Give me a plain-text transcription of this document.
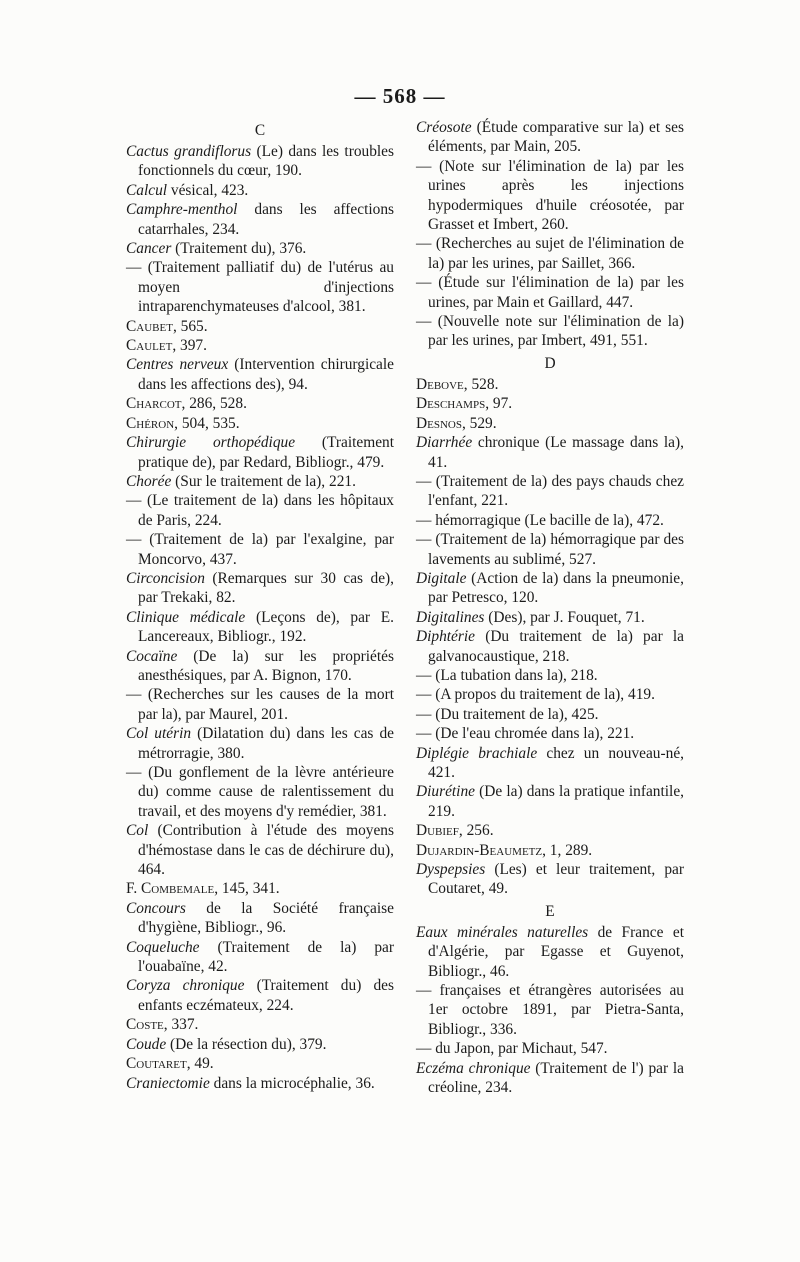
— 568 —
C

Cactus grandiflorus (Le) dans les troubles fonctionnels du cœur, 190.

Calcul vésical, 423.

Camphre-menthol dans les affections catarrhales, 234.

Cancer (Traitement du), 376.

— (Traitement palliatif du) de l'utérus au moyen d'injections intraparenchymateuses d'alcool, 381.

Caubet, 565.

Caulet, 397.

Centres nerveux (Intervention chirurgicale dans les affections des), 94.

Charcot, 286, 528.

Chéron, 504, 535.

Chirurgie orthopédique (Traitement pratique de), par Redard, Bibliogr., 479.

Chorée (Sur le traitement de la), 221.

— (Le traitement de la) dans les hôpitaux de Paris, 224.

— (Traitement de la) par l'exalgine, par Moncorvo, 437.

Circoncision (Remarques sur 30 cas de), par Trekaki, 82.

Clinique médicale (Leçons de), par E. Lancereaux, Bibliogr., 192.

Cocaïne (De la) sur les propriétés anesthésiques, par A. Bignon, 170.

— (Recherches sur les causes de la mort par la), par Maurel, 201.

Col utérin (Dilatation du) dans les cas de métrorragie, 380.

— (Du gonflement de la lèvre antérieure du) comme cause de ralentissement du travail, et des moyens d'y remédier, 381.

Col (Contribution à l'étude des moyens d'hémostase dans le cas de déchirure du), 464.

F. Combemale, 145, 341.

Concours de la Société française d'hygiène, Bibliogr., 96.

Coqueluche (Traitement de la) par l'ouabaïne, 42.

Coryza chronique (Traitement du) des enfants eczémateux, 224.

Coste, 337.

Coude (De la résection du), 379.

Coutaret, 49.

Craniectomie dans la microcéphalie, 36.

Créosote (Étude comparative sur la) et ses éléments, par Main, 205.

— (Note sur l'élimination de la) par les urines après les injections hypodermiques d'huile créosotée, par Grasset et Imbert, 260.

— (Recherches au sujet de l'élimination de la) par les urines, par Saillet, 366.

— (Étude sur l'élimination de la) par les urines, par Main et Gaillard, 447.

— (Nouvelle note sur l'élimination de la) par les urines, par Imbert, 491, 551.

D

Debove, 528.

Deschamps, 97.

Desnos, 529.

Diarrhée chronique (Le massage dans la), 41.

— (Traitement de la) des pays chauds chez l'enfant, 221.

— hémorragique (Le bacille de la), 472.

— (Traitement de la) hémorragique par des lavements au sublimé, 527.

Digitale (Action de la) dans la pneumonie, par Petresco, 120.

Digitalines (Des), par J. Fouquet, 71.

Diphtérie (Du traitement de la) par la galvanocaustique, 218.

— (La tubation dans la), 218.

— (A propos du traitement de la), 419.

— (Du traitement de la), 425.

— (De l'eau chromée dans la), 221.

Diplégie brachiale chez un nouveau-né, 421.

Diurétine (De la) dans la pratique infantile, 219.

Dubief, 256.

Dujardin-Beaumetz, 1, 289.

Dyspepsies (Les) et leur traitement, par Coutaret, 49.

E

Eaux minérales naturelles de France et d'Algérie, par Egasse et Guyenot, Bibliogr., 46.

— françaises et étrangères autorisées au 1er octobre 1891, par Pietra-Santa, Bibliogr., 336.

— du Japon, par Michaut, 547.

Eczéma chronique (Traitement de l') par la créoline, 234.
